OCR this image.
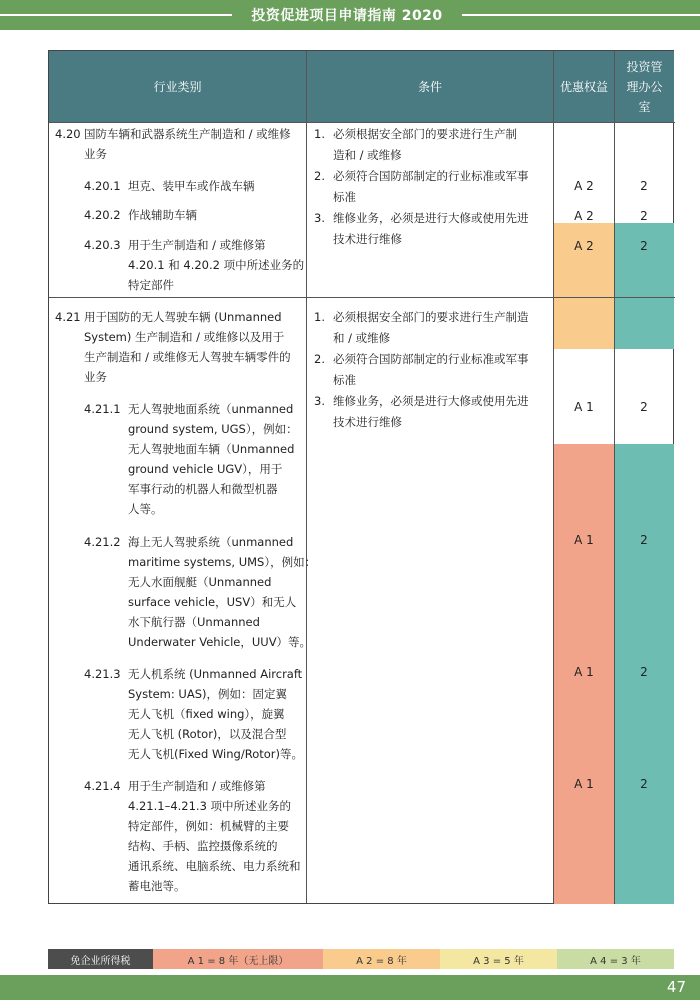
投资促进项目申请指南 2020
行业类别	条件	优惠权益
投资管
理办公
室
4.20 国防车辆和武器系统生产制造和 / 或维修
业务
4.20.1 坦克、装甲车或作战车辆
4.20.2 作战辅助车辆
4.20.3 用于生产制造和 / 或维修第
4.20.1 和 4.20.2 项中所述业务的
特定部件
1. 必须根据安全部门的要求进行生产制
造和 / 或维修
2. 必须符合国防部制定的行业标准或军事
标准
3. 维修业务，必须是进行大修或使用先进
技术进行维修
A 2	2
A 2	2
A 2	2
4.21 用于国防的无人驾驶车辆 (Unmanned
System) 生产制造和 / 或维修以及用于
生产制造和 / 或维修无人驾驶车辆零件的
业务
1. 必须根据安全部门的要求进行生产制造
和 / 或维修
2. 必须符合国防部制定的行业标准或军事
标准
3. 维修业务，必须是进行大修或使用先进
技术进行维修
4.21.1 无人驾驶地面系统（unmanned
ground system, UGS），例如：
无人驾驶地面车辆（Unmanned
ground vehicle UGV），用于
军事行动的机器人和微型机器
人等。
A 1	2
4.21.2 海上无人驾驶系统（unmanned
maritime systems, UMS），例如：
无人水面舰艇（Unmanned
surface vehicle，USV）和无人
水下航行器（Unmanned
Underwater Vehicle，UUV）等。
A 1	2
4.21.3 无人机系统 (Unmanned Aircraft
System: UAS)，例如：固定翼
无人飞机（fixed wing），旋翼
无人飞机 (Rotor)，以及混合型
无人飞机(Fixed Wing/Rotor)等。
A 1	2
4.21.4 用于生产制造和 / 或维修第
4.21.1–4.21.3 项中所述业务的
特定部件，例如：机械臂的主要
结构、手柄、监控摄像系统的
通讯系统、电脑系统、电力系统和
蓄电池等。
A 1	2
免企业所得税	A 1 = 8 年（无上限）	A 2 = 8 年	A 3 = 5 年	A 4 = 3 年
47
